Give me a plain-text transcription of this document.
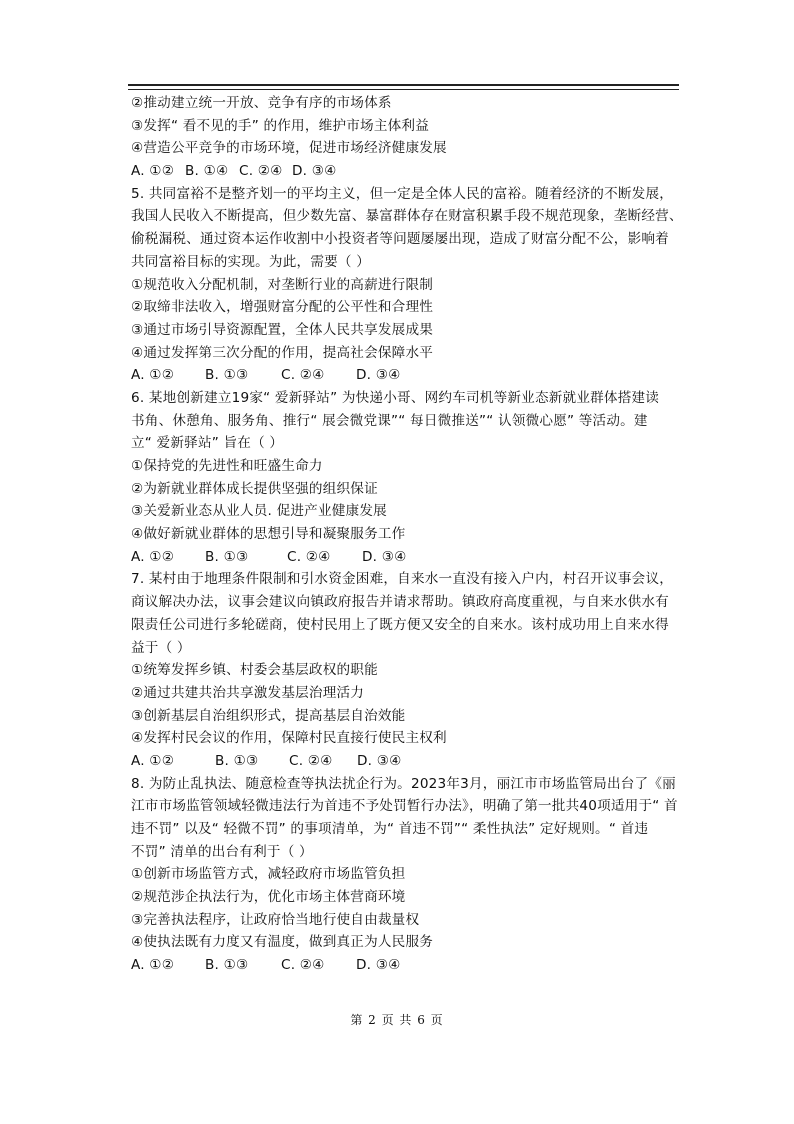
②推动建立统一开放、竞争有序的市场体系
③发挥“ 看不见的手” 的作用，维护市场主体利益
④营造公平竞争的市场环境，促进市场经济健康发展
A. ①② B. ①④ C. ②④ D. ③④
5. 共同富裕不是整齐划一的平均主义，但一定是全体人民的富裕。随着经济的不断发展，
我国人民收入不断提高，但少数先富、暴富群体存在财富积累手段不规范现象，垄断经营、
偷税漏税、通过资本运作收割中小投资者等问题屡屡出现，造成了财富分配不公，影响着
共同富裕目标的实现。为此，需要（ ）
①规范收入分配机制，对垄断行业的高薪进行限制
②取缔非法收入，增强财富分配的公平性和合理性
③通过市场引导资源配置，全体人民共享发展成果
④通过发挥第三次分配的作用，提高社会保障水平
A. ①②	B. ①③	C. ②④	D. ③④
6. 某地创新建立19家“ 爱新驿站” 为快递小哥、网约车司机等新业态新就业群体搭建读
书角、休憩角、服务角、推行“ 展会微党课”“ 每日微推送”“ 认领微心愿” 等活动。建
立“ 爱新驿站” 旨在（ ）
①保持党的先进性和旺盛生命力
②为新就业群体成长提供坚强的组织保证
③关爱新业态从业人员. 促进产业健康发展
④做好新就业群体的思想引导和凝聚服务工作
A. ①②	B. ①③	C. ②④	D. ③④
7. 某村由于地理条件限制和引水资金困难，自来水一直没有接入户内，村召开议事会议，
商议解决办法，议事会建议向镇政府报告并请求帮助。镇政府高度重视，与自来水供水有
限责任公司进行多轮磋商，使村民用上了既方便又安全的自来水。该村成功用上自来水得
益于（ ）
①统筹发挥乡镇、村委会基层政权的职能
②通过共建共治共享激发基层治理活力
③创新基层自治组织形式，提高基层自治效能
④发挥村民会议的作用，保障村民直接行使民主权利
A. ①②	B. ①③	C. ②④	D. ③④
8. 为防止乱执法、随意检查等执法扰企行为。2023年3月，丽江市市场监管局出台了《丽
江市市场监管领域轻微违法行为首违不予处罚暂行办法》，明确了第一批共40项适用于“ 首
违不罚” 以及“ 轻微不罚” 的事项清单，为“ 首违不罚”“ 柔性执法” 定好规则。“ 首违
不罚” 清单的出台有利于（ ）
①创新市场监管方式，减轻政府市场监管负担
②规范涉企执法行为，优化市场主体营商环境
③完善执法程序，让政府恰当地行使自由裁量权
④使执法既有力度又有温度，做到真正为人民服务
A. ①②	B. ①③	C. ②④	D. ③④
第 2 页 共 6 页
